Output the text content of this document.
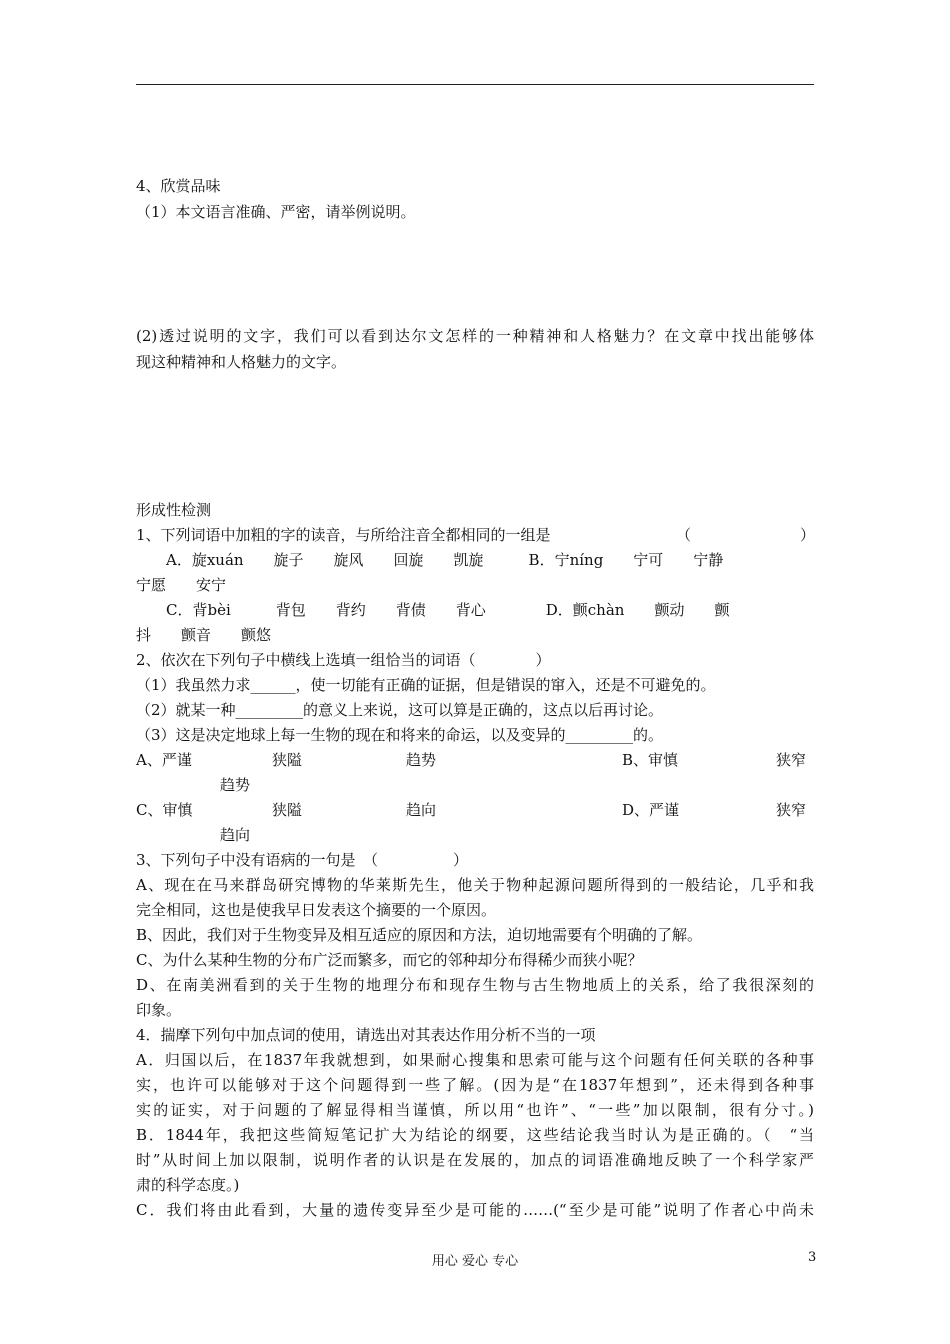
4、欣赏品味
（1）本文语言准确、严密，请举例说明。
(2)透过说明的文字，我们可以看到达尔文怎样的一种精神和人格魅力？在文章中找出能够体
现这种精神和人格魅力的文字。
形成性检测
1、下列词语中加粗的字的读音，与所给注音全都相同的一组是	（	）
A．旋xuán　　旋子　　旋风　　回旋　　凯旋　　　B．宁níng　　宁可　　宁静
宁愿　　安宁
C．背bèi　　　背包　　背约　　背债　　背心　　　　D．颤chàn　　颤动　　颤
抖　　颤音　　颤悠
2、依次在下列句子中横线上选填一组恰当的词语（　　　　）
（1）我虽然力求______，使一切能有正确的证据，但是错误的窜入，还是不可避免的。
（2）就某一种_________的意义上来说，这可以算是正确的，这点以后再讨论。
（3）这是决定地球上每一生物的现在和将来的命运，以及变异的_________的。
A、严谨	狭隘	趋势	B、审慎	狭窄
趋势
C、审慎	狭隘	趋向	D、严谨	狭窄
趋向
3、下列句子中没有语病的一句是　（　　　　　）
A、现在在马来群岛研究博物的华莱斯先生，他关于物种起源问题所得到的一般结论，几乎和我
完全相同，这也是使我早日发表这个摘要的一个原因。
B、因此，我们对于生物变异及相互适应的原因和方法，迫切地需要有个明确的了解。
C、为什么某种生物的分布广泛而繁多，而它的邻种却分布得稀少而狭小呢？
D、在南美洲看到的关于生物的地理分布和现存生物与古生物地质上的关系，给了我很深刻的
印象。
4．揣摩下列句中加点词的使用，请选出对其表达作用分析不当的一项
A．归国以后，在1837年我就想到，如果耐心搜集和思索可能与这个问题有任何关联的各种事
实，也许可以能够对于这个问题得到一些了解。(因为是“在1837年想到”，还未得到各种事
实的证实，对于问题的了解显得相当谨慎，所以用“也许”、“一些”加以限制，很有分寸。)
B．1844年，我把这些简短笔记扩大为结论的纲要，这些结论我当时认为是正确的。（　“当
时”从时间上加以限制，说明作者的认识是在发展的，加点的词语准确地反映了一个科学家严
肃的科学态度。)
C．我们将由此看到，大量的遗传变异至少是可能的……(“至少是可能”说明了作者心中尚未
用心 爱心 专心	3
